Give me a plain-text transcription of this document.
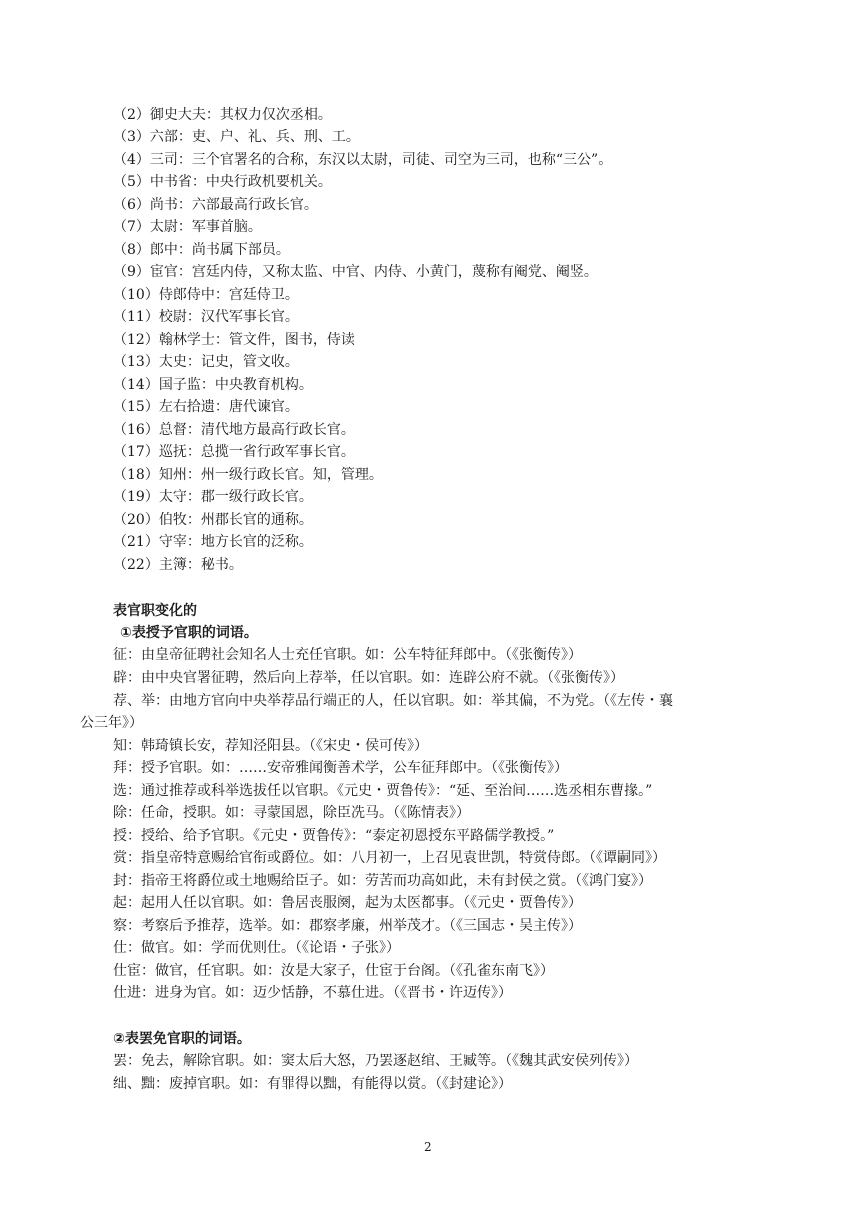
（2）御史大夫：其权力仅次丞相。
（3）六部：吏、户、礼、兵、刑、工。
（4）三司：三个官署名的合称，东汉以太尉，司徒、司空为三司，也称“三公”。
（5）中书省：中央行政机要机关。
（6）尚书：六部最高行政长官。
（7）太尉：军事首脑。
（8）郎中：尚书属下部员。
（9）宦官：宫廷内侍，又称太监、中官、内侍、小黄门，蔑称有阉党、阉竖。
（10）侍郎侍中：宫廷侍卫。
（11）校尉：汉代军事长官。
（12）翰林学士：管文件，图书，侍读
（13）太史：记史，管文收。
（14）国子监：中央教育机构。
（15）左右拾遗：唐代谏官。
（16）总督：清代地方最高行政长官。
（17）巡抚：总揽一省行政军事长官。
（18）知州：州一级行政长官。知，管理。
（19）太守：郡一级行政长官。
（20）伯牧：州郡长官的通称。
（21）守宰：地方长官的泛称。
（22）主簿：秘书。
表官职变化的
①表授予官职的词语。
征：由皇帝征聘社会知名人士充任官职。如：公车特征拜郎中。（《张衡传》）
辟：由中央官署征聘，然后向上荐举，任以官职。如：连辟公府不就。（《张衡传》）
荐、举：由地方官向中央举荐品行端正的人，任以官职。如：举其偏，不为党。（《左传・襄
公三年》）
知：韩琦镇长安，荐知泾阳县。（《宋史・侯可传》）
拜：授予官职。如：……安帝雅闻衡善术学，公车征拜郎中。（《张衡传》）
选：通过推荐或科举选拔任以官职。《元史・贾鲁传》：“延、至治间……选丞相东曹掾。”
除：任命，授职。如：寻蒙国恩，除臣冼马。（《陈情表》）
授：授给、给予官职。《元史・贾鲁传》：“泰定初恩授东平路儒学教授。”
赏：指皇帝特意赐给官衔或爵位。如：八月初一，上召见袁世凯，特赏侍郎。（《谭嗣同》）
封：指帝王将爵位或土地赐给臣子。如：劳苦而功高如此，未有封侯之赏。（《鸿门宴》）
起：起用人任以官职。如：鲁居丧服阕，起为太医都事。（《元史・贾鲁传》）
察：考察后予推荐，选举。如：郡察孝廉，州举茂才。（《三国志・吴主传》）
仕：做官。如：学而优则仕。（《论语・子张》）
仕宦：做官，任官职。如：汝是大家子，仕宦于台阁。（《孔雀东南飞》）
仕进：进身为官。如：迈少恬静，不慕仕进。（《晋书・许迈传》）
②表罢免官职的词语。
罢：免去，解除官职。如：窦太后大怒，乃罢逐赵绾、王臧等。（《魏其武安侯列传》）
绌、黜：废掉官职。如：有罪得以黜，有能得以赏。（《封建论》）
2
